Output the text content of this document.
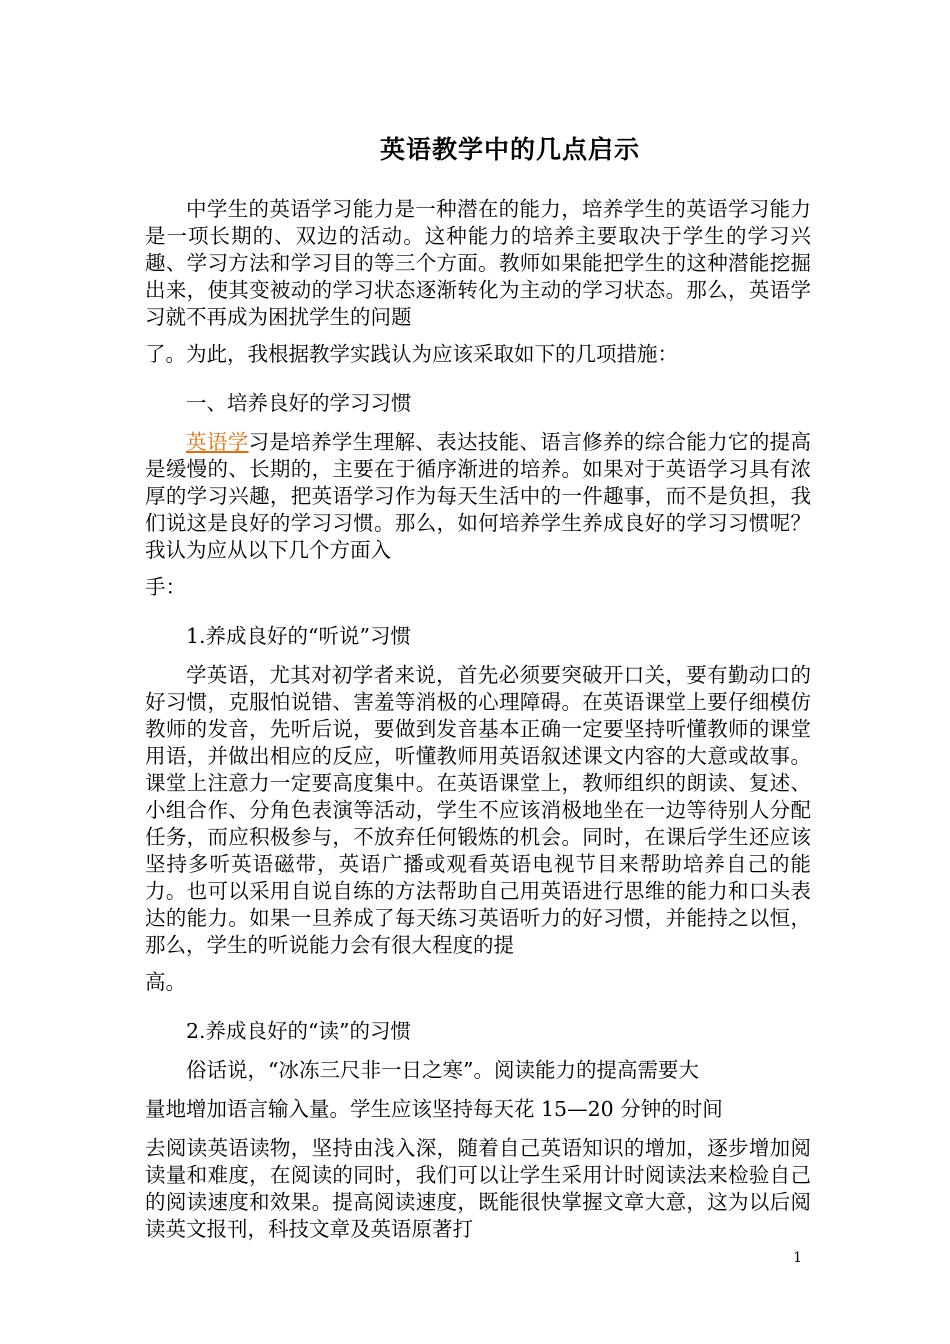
英语教学中的几点启示

中学生的英语学习能力是一种潜在的能力，培养学生的英语学习能力是一项长期的、双边的活动。这种能力的培养主要取决于学生的学习兴趣、学习方法和学习目的等三个方面。教师如果能把学生的这种潜能挖掘出来，使其变被动的学习状态逐渐转化为主动的学习状态。那么，英语学习就不再成为困扰学生的问题
了。为此，我根据教学实践认为应该采取如下的几项措施：

一、培养良好的学习习惯

英语学习是培养学生理解、表达技能、语言修养的综合能力它的提高是缓慢的、长期的，主要在于循序渐进的培养。如果对于英语学习具有浓厚的学习兴趣，把英语学习作为每天生活中的一件趣事，而不是负担，我们说这是良好的学习习惯。那么，如何培养学生养成良好的学习习惯呢？我认为应从以下几个方面入
手：

1.养成良好的“听说”习惯

学英语，尤其对初学者来说，首先必须要突破开口关，要有勤动口的好习惯，克服怕说错、害羞等消极的心理障碍。在英语课堂上要仔细模仿教师的发音，先听后说，要做到发音基本正确一定要坚持听懂教师的课堂用语，并做出相应的反应，听懂教师用英语叙述课文内容的大意或故事。课堂上注意力一定要高度集中。在英语课堂上，教师组织的朗读、复述、小组合作、分角色表演等活动，学生不应该消极地坐在一边等待别人分配任务，而应积极参与，不放弃任何锻炼的机会。同时，在课后学生还应该坚持多听英语磁带，英语广播或观看英语电视节目来帮助培养自己的能力。也可以采用自说自练的方法帮助自己用英语进行思维的能力和口头表达的能力。如果一旦养成了每天练习英语听力的好习惯，并能持之以恒，那么，学生的听说能力会有很大程度的提
高。

2.养成良好的“读”的习惯

俗话说，“冰冻三尺非一日之寒”。阅读能力的提高需要大

量地增加语言输入量。学生应该坚持每天花 15—20 分钟的时间

去阅读英语读物，坚持由浅入深，随着自己英语知识的增加，逐步增加阅读量和难度，在阅读的同时，我们可以让学生采用计时阅读法来检验自己的阅读速度和效果。提高阅读速度，既能很快掌握文章大意，这为以后阅读英文报刊，科技文章及英语原著打

1
